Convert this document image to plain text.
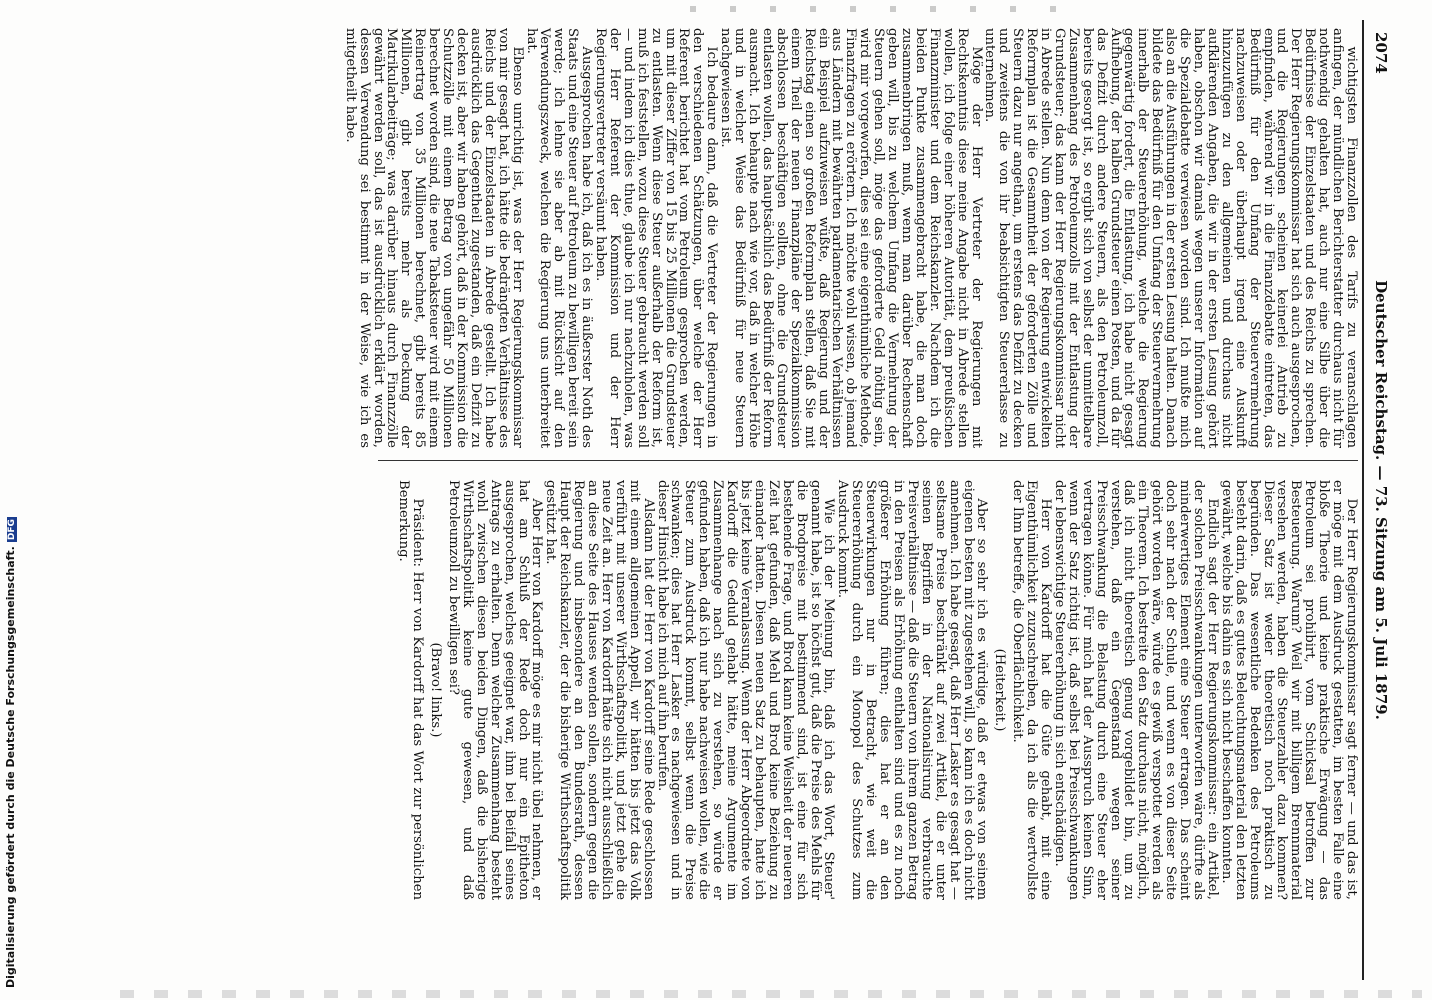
2074
Deutscher Reichstag. — 73. Sitzung am 5. Juli 1879.

wichtigsten Finanzzollen des Tarifs zu veranschlagen anfingen, der mündlichen Berichterstatter durchaus nicht für nothwendig gehalten hat, auch nur eine Silbe über die Bedürfnisse der Einzelstaaten und des Reichs zu sprechen. Der Herr Regierungskommissar hat sich auch ausgesprochen, und die Regierungen scheinen keinerlei Antrieb zu empfinden, während wir in die Finanzdebatte eintreten, das Bedürfniß für den Umfang der Steuervermehrung nachzuweisen oder überhaupt irgend eine Auskunft hinzuzufügen zu den allgemeinen und durchaus nicht aufklärenden Angaben, die wir in der ersten Lesung gehört haben, obschon wir damals wegen unserer Information auf die Spezialdebatte verwiesen worden sind. Ich mußte mich also an die Ausführungen in der ersten Lesung halten. Danach bildete das Bedürfniß für den Umfang der Steuervermehrung innerhalb der Steuererhöhung, welche die Regierung gegenwärtig fordert, die Entlastung, ich habe nicht gesagt Aufhebung, der halben Grundsteuer einen Posten, und da für das Defizit durch andere Steuern, als den Petroleumzoll, bereits gesorgt ist, so ergibt sich von selbst der unmittelbare Zusammenhang des Petroleumzolls mit der Entlastung der Grundsteuer; das kann der Herr Regierungskommissar nicht in Abrede stellen. Nun denn von der Regierung entwickelten Reformplan ist die Gesammtheit der geforderten Zölle und Steuern dazu nur angethan, um erstens das Defizit zu decken und zweitens die von ihr beabsichtigten Steuererlasse zu unternehmen.

Möge der Herr Vertreter der Regierungen mit Rechtskenntnis diese meine Angabe nicht in Abrede stellen wollen, ich folge einer höheren Autorität, dem preußischen Finanzminister und dem Reichskanzler. Nachdem ich die beiden Punkte zusammengebracht habe, die man doch zusammenbringen muß, wenn man darüber Rechenschaft geben will, bis zu welchem Umfang die Vermehrung der Steuern gehen soll, möge das geforderte Geld nöthig sein, wird mir vorgeworfen, dies sei eine eigenthümliche Methode, Finanzfragen zu erörtern. Ich möchte wohl wissen, ob jemand aus Ländern mit bewährten parlamentarischen Verhältnissen ein Beispiel aufzuweisen wüßte, daß Regierung und der Reichstag einen so großen Reformplan stellen, daß Sie mit einem Theil der neuen Finanzpläne der Spezialkommission abschlossen beschäftigen sollten, ohne die Grundsteuer entlasten wollen, das hauptsächlich das Bedürfniß der Reform ausmacht. Ich behaupte nach wie vor, daß in welcher Höhe und in welcher Weise das Bedürfniß für neue Steuern nachgewiesen ist.

Ich bedaure dann, daß die Vertreter der Regierungen in den verschiedenen Schätzungen, über welche der Herr Referent berichtet hat vom Petroleum gesprochen werden, um mit dieser Ziffer von 15 bis 25 Millionen die Grundsteuer zu entlasten. Wenn diese Steuer außerhalb der Reform ist, muß ich feststellen, wozu diese Steuer gebraucht werden soll — und indem ich dies thue, glaube ich nur nachzuholen, was der Herr Referent der Kommission und der Herr Regierungsvertreter versäumt haben.

Ausgesprochen habe ich, daß ich es in äußerster Noth des Staats und eine Steuer auf Petroleum zu bewilligen bereit sein werde; ich lehne sie aber ab mit Rücksicht auf den Verwendungszweck, welchen die Regierung uns unterbreitet hat.

Ebenso unrichtig ist, was der Herr Regierungskommissar von mir gesagt hat, ich hätte die bedrängten Verhältnisse des Reichs und der Einzelstaaten in Abrede gestellt. Ich habe ausdrücklich das Gegentheil zugestanden, daß ein Defizit zu decken ist, aber wir haben gehört, daß in der Kommission die Schutzzölle mit einem Betrag von ungefähr 50 Millionen berechnet worden sind, die neue Tabaksteuer wird mit einem Reinertrag von 35 Millionen berechnet, gibt bereits 85 Millionen, gibt bereits mehr als Deckung der Matrikularbeiträge; was darüber hinaus durch Finanzzölle gewährt werden soll, das ist ausdrücklich erklärt worden, dessen Verwendung sei bestimmt in der Weise, wie ich es mitgetheilt habe.

Der Herr Regierungskommissar sagt ferner — und das ist, er möge mit dem Ausdruck gestatten, im besten Falle eine bloße Theorie und keine praktische Erwägung — das Petroleum sei prohibirt, vom Schicksal betroffen zur Besteuerung. Warum? Weil wir mit billigem Brennmaterial versehen werden, haben die Steuerzahler dazu kommen? Dieser Satz ist weder theoretisch noch praktisch zu begründen. Das wesentliche Bedenken des Petroleums besteht darin, daß es gutes Beleuchtungsmaterial den letzten gewährt, welche bis dahin es sich nicht beschaffen konnten.

Endlich sagt der Herr Regierungskommissar: ein Artikel, der solchen Preisschwankungen unterworfen wäre, dürfte als minderwertiges Element eine Steuer ertragen. Das scheint doch sehr nach der Schule, und wenn es von dieser Seite gehört worden wäre, würde es gewiß verspottet werden als ein Theorem. Ich bestreite den Satz durchaus nicht, möglich, daß ich nicht theoretisch genug vorgebildet bin, um zu verstehen, daß ein Gegenstand wegen seiner Preisschwankung die Belastung durch eine Steuer eher vertragen könne. Für mich hat der Ausspruch keinen Sinn, wenn der Satz richtig ist, daß selbst bei Preisschwankungen der lebenswichtige Steuererhöhung in sich entschädigen.

Herr von Kardorff hat die Güte gehabt, mit eine Eigenthümlichkeit zuzuschreiben, da ich als die wertvollste der Ihm betreffe, die Oberflächlichkeit.

(Heiterkeit.)

Aber so sehr ich es würdige, daß er etwas von seinem eigenen besten mit zugestehen will, so kann ich es doch nicht annehmen. Ich habe gesagt, daß Herr Lasker es gesagt hat — seltsame Preise beschränkt auf zwei Artikel, die er unter seinen Begriffen in der Nationalisirung verbrauchte Preisverhältnisse — daß die Steuern von ihrem ganzen Betrag in den Preisen als Erhöhung enthalten sind und es zu noch größerer Erhöhung führen; dies hat er an den Steuerwirkungen nur in Betracht, wie weit die Steuererhöhung durch ein Monopol des Schutzes zum Ausdruck kommt.

Wie ich der Meinung bin, daß ich das Wort, Steuer' genannt habe, ist so höchst gut, daß die Preise des Mehls für die Brodpreise mit bestimmend sind, ist eine für sich bestehende Frage, und Brod kann keine Weisheit der neueren Zeit hat gefunden, daß Mehl und Brod keine Beziehung zu einander hatten. Diesen neuen Satz zu behaupten, hatte ich bis jetzt keine Veranlassung. Wenn der Herr Abgeordnete von Kardorff die Geduld gehabt hätte, meine Argumente im Zusammenhange nach sich zu verstehen, so würde er gefunden haben, daß ich nur habe nachweisen wollen, wie die Steuer zum Ausdruck kommt, selbst wenn die Preise schwanken; dies hat Herr Lasker es nachgewiesen und in dieser Hinsicht habe ich mich auf ihn berufen.

Alsdann hat der Herr von Kardorff seine Rede geschlossen mit einem allgemeinen Appell, wir hätten bis jetzt das Volk verführt mit unserer Wirthschaftspolitik, und jetzt gehe die neue Zeit an. Herr von Kardorff hätte sich nicht ausschließlich an diese Seite des Hauses wenden sollen, sondern gegen die Regierung und insbesondere an den Bundesrath, dessen Haupt der Reichskanzler, der die bisherige Wirthschaftspolitik gestützt hat.

Aber Herr von Kardorff möge es mir nicht übel nehmen, er hat am Schluß der Rede doch nur ein Epitheton ausgesprochen, welches geeignet war, ihm bei Beifall seines Antrags zu erhalten. Denn welcher Zusammenhang besteht wohl zwischen diesen beiden Dingen, daß die bisherige Wirthschaftspolitik keine gute gewesen, und daß Petroleumzoll zu bewilligen sei?

(Bravo! links.)

Präsident: Herr von Kardorff hat das Wort zur persönlichen Bemerkung.

Digitalisierung gefördert durch die Deutsche Forschungsgemeinschaft.DFG
